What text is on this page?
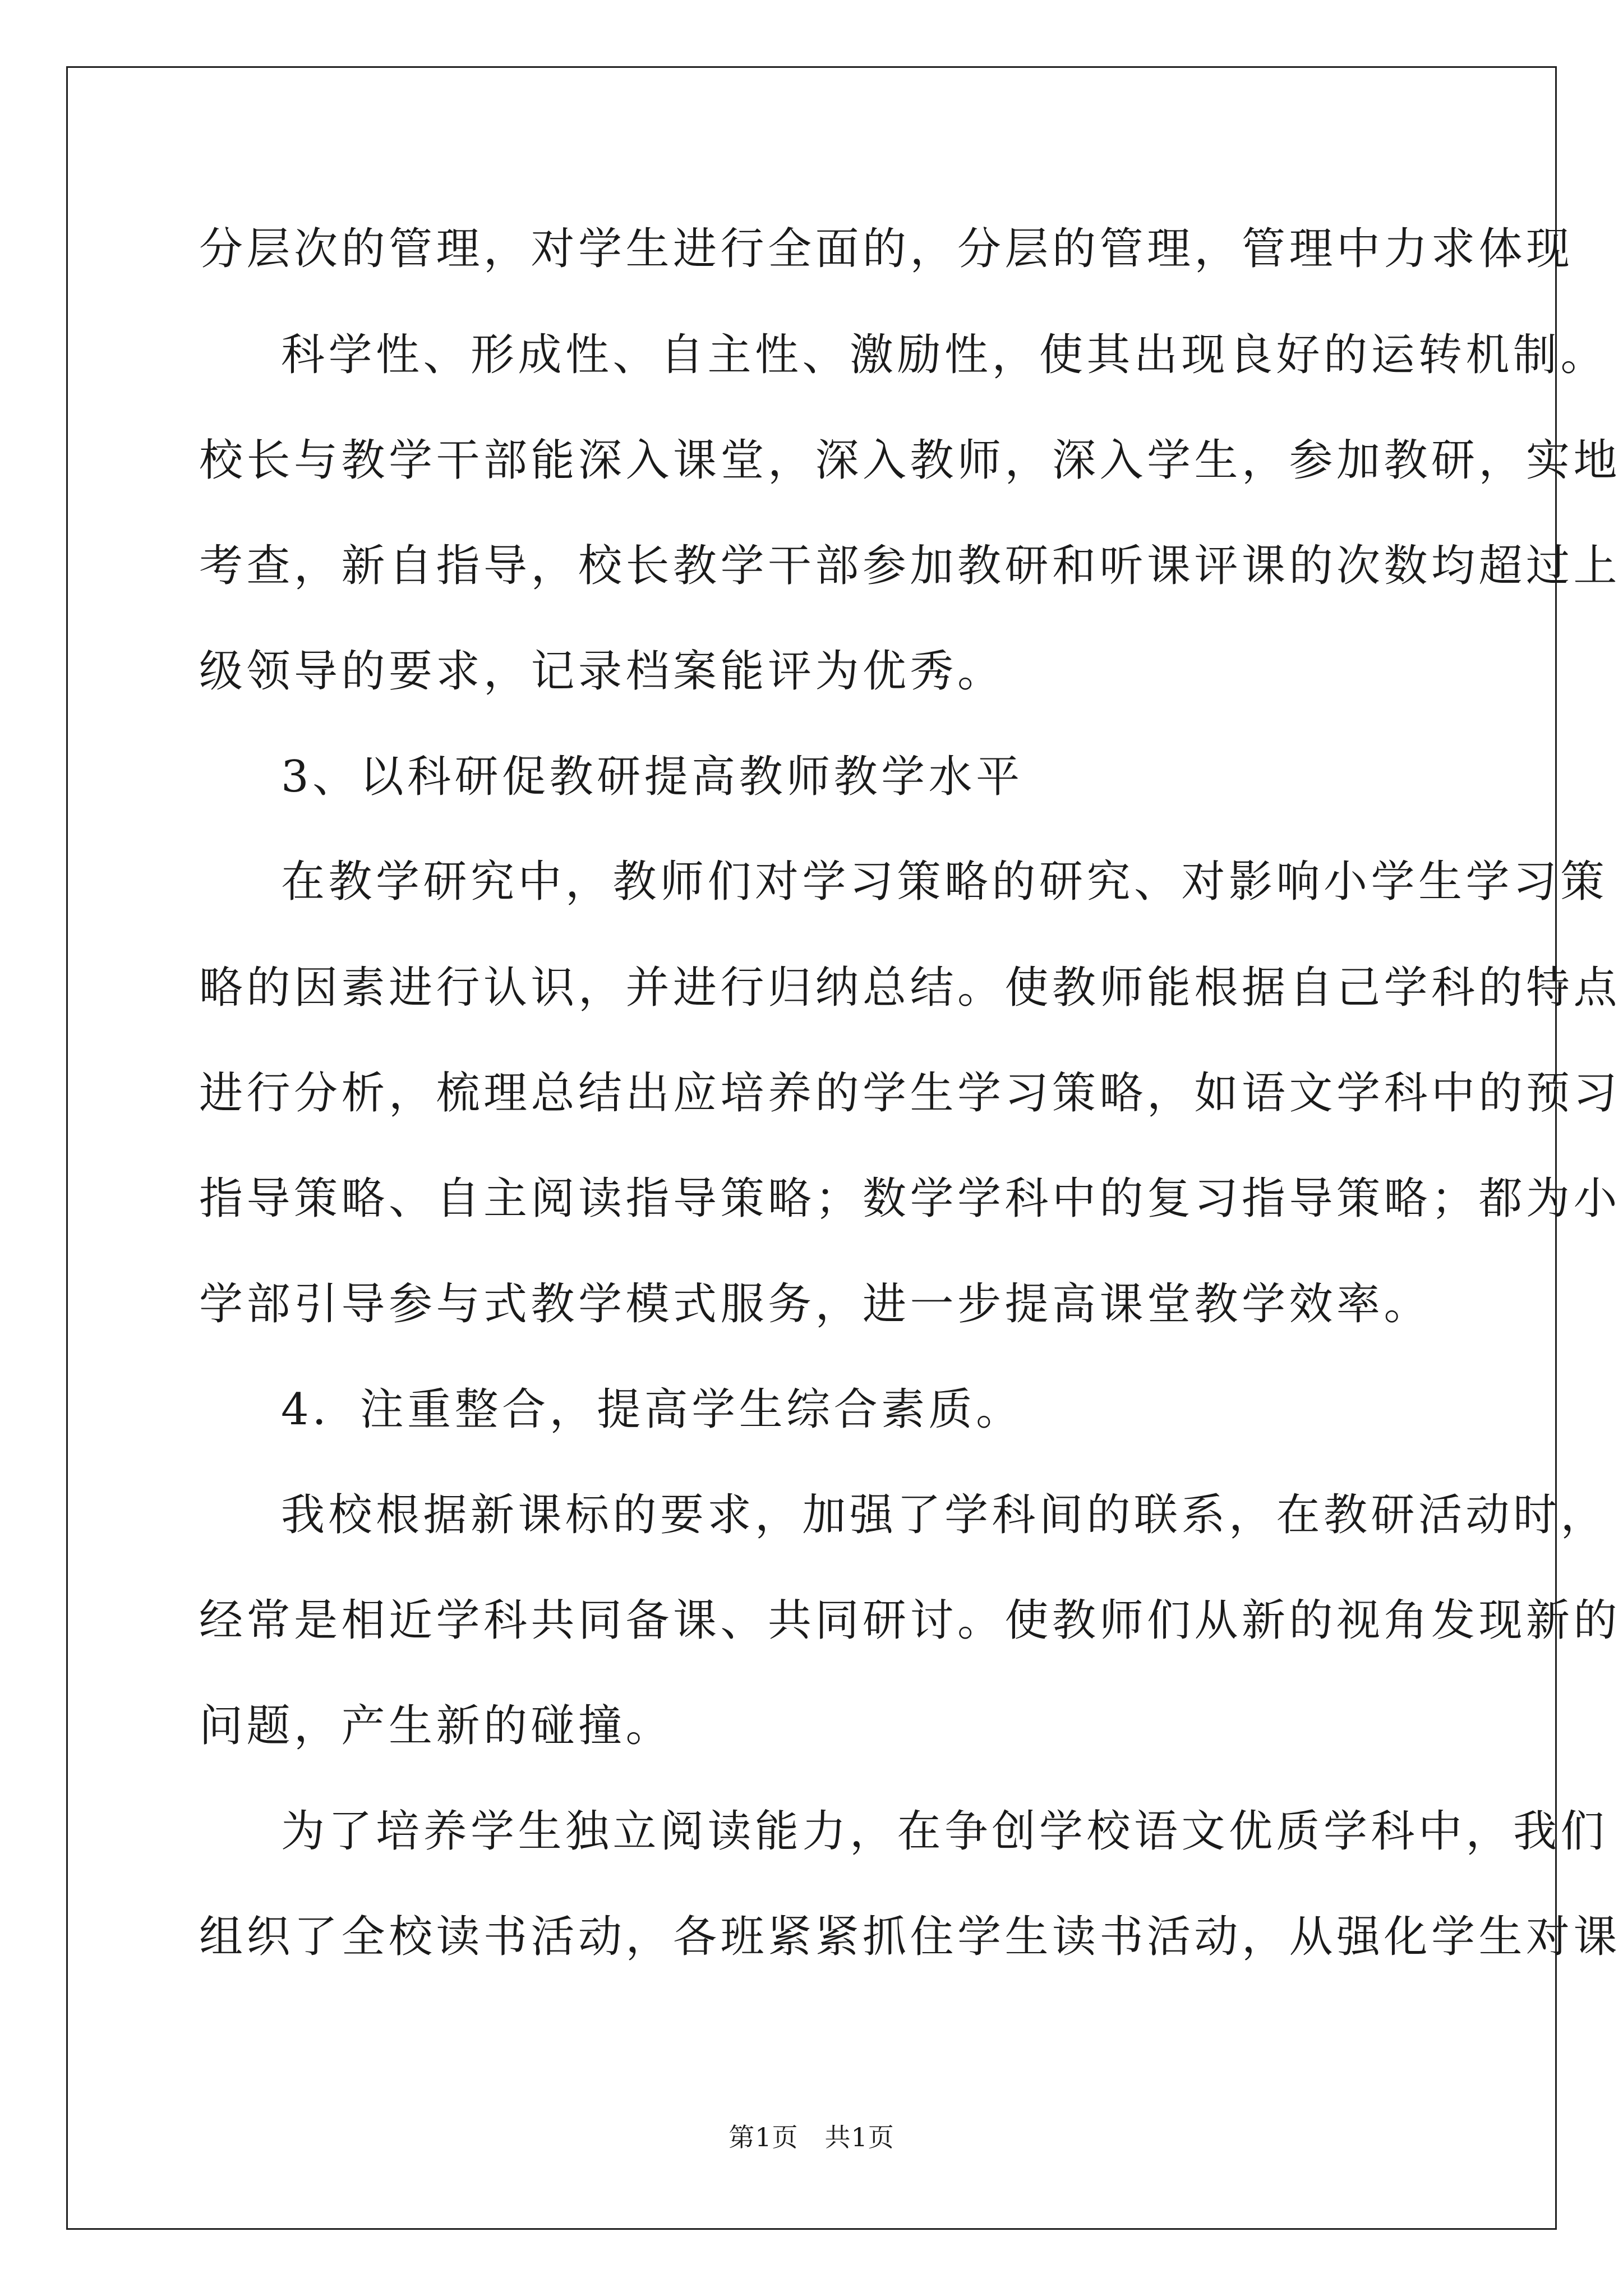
分层次的管理，对学生进行全面的，分层的管理，管理中力求体现
科学性、形成性、自主性、激励性，使其出现良好的运转机制。
校长与教学干部能深入课堂，深入教师，深入学生，参加教研，实地
考查，新自指导，校长教学干部参加教研和听课评课的次数均超过上
级领导的要求，记录档案能评为优秀。
3、以科研促教研提高教师教学水平
在教学研究中，教师们对学习策略的研究、对影响小学生学习策
略的因素进行认识，并进行归纳总结。使教师能根据自己学科的特点
进行分析，梳理总结出应培养的学生学习策略，如语文学科中的预习
指导策略、自主阅读指导策略；数学学科中的复习指导策略；都为小
学部引导参与式教学模式服务，进一步提高课堂教学效率。
4．注重整合，提高学生综合素质。
我校根据新课标的要求，加强了学科间的联系，在教研活动时，
经常是相近学科共同备课、共同研讨。使教师们从新的视角发现新的
问题，产生新的碰撞。
为了培养学生独立阅读能力，在争创学校语文优质学科中，我们
组织了全校读书活动，各班紧紧抓住学生读书活动，从强化学生对课
第1页　共1页
